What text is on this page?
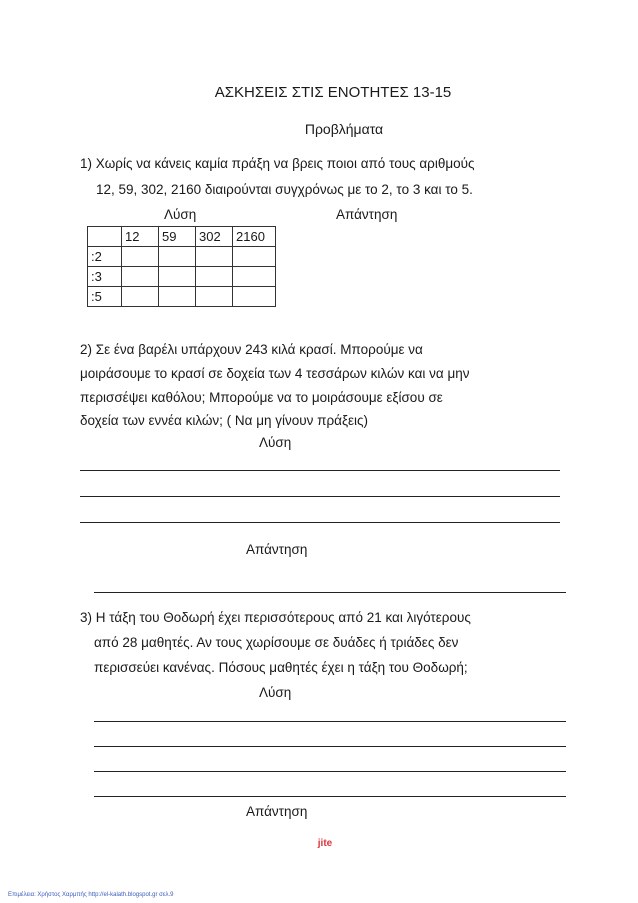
ΑΣΚΗΣΕΙΣ ΣΤΙΣ ΕΝΟΤΗΤΕΣ 13-15
Προβλήματα
1) Χωρίς να κάνεις καμία πράξη να βρεις ποιοι από τους αριθμούς
12, 59, 302, 2160 διαιρούνται συγχρόνως με το 2, το 3 και το 5.
Λύση	Απάντηση
	12	59	302	2160
:2				
:3				
:5				
2) Σε ένα βαρέλι υπάρχουν 243 κιλά κρασί. Μπορούμε να
μοιράσουμε το κρασί σε δοχεία των 4 τεσσάρων κιλών και να μην
περισσέψει καθόλου; Μπορούμε να το μοιράσουμε εξίσου σε
δοχεία των εννέα κιλών; ( Να μη γίνουν πράξεις)
Λύση
Απάντηση
3) Η τάξη του Θοδωρή έχει περισσότερους από 21 και λιγότερους
από 28 μαθητές. Αν τους χωρίσουμε σε δυάδες ή τριάδες δεν
περισσεύει κανένας. Πόσους μαθητές έχει η τάξη του Θοδωρή;
Λύση
Απάντηση
jite
Επιμέλεια: Χρήστος Χαρμπής http://el-kalath.blogspot.gr σελ.9
